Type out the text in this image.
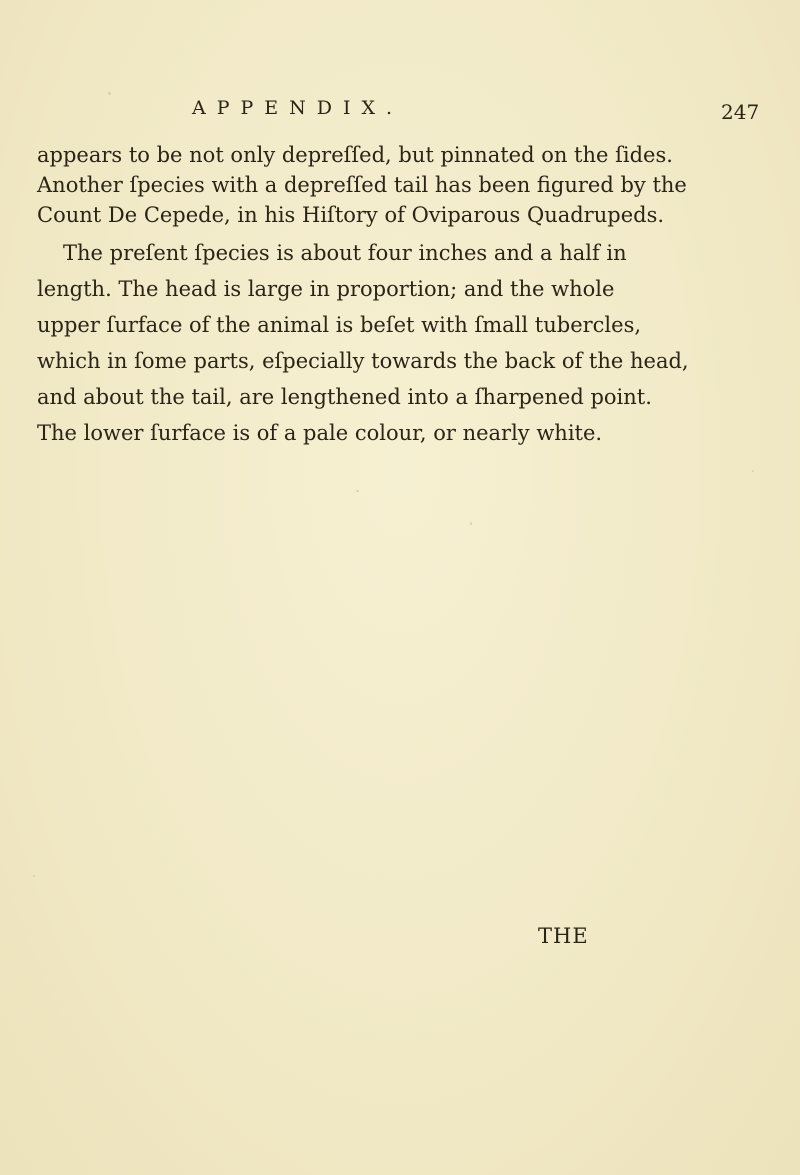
APPENDIX.	247
appears to be not only depreſſed, but pinnated on the ſides.
Another ſpecies with a depreſſed tail has been figured by the
Count De Cepede, in his Hiſtory of Oviparous Quadrupeds.
The preſent ſpecies is about four inches and a half in
length. The head is large in proportion; and the whole
upper ſurface of the animal is beſet with ſmall tubercles,
which in ſome parts, eſpecially towards the back of the head,
and about the tail, are lengthened into a ſharpened point.
The lower ſurface is of a pale colour, or nearly white.
THE
